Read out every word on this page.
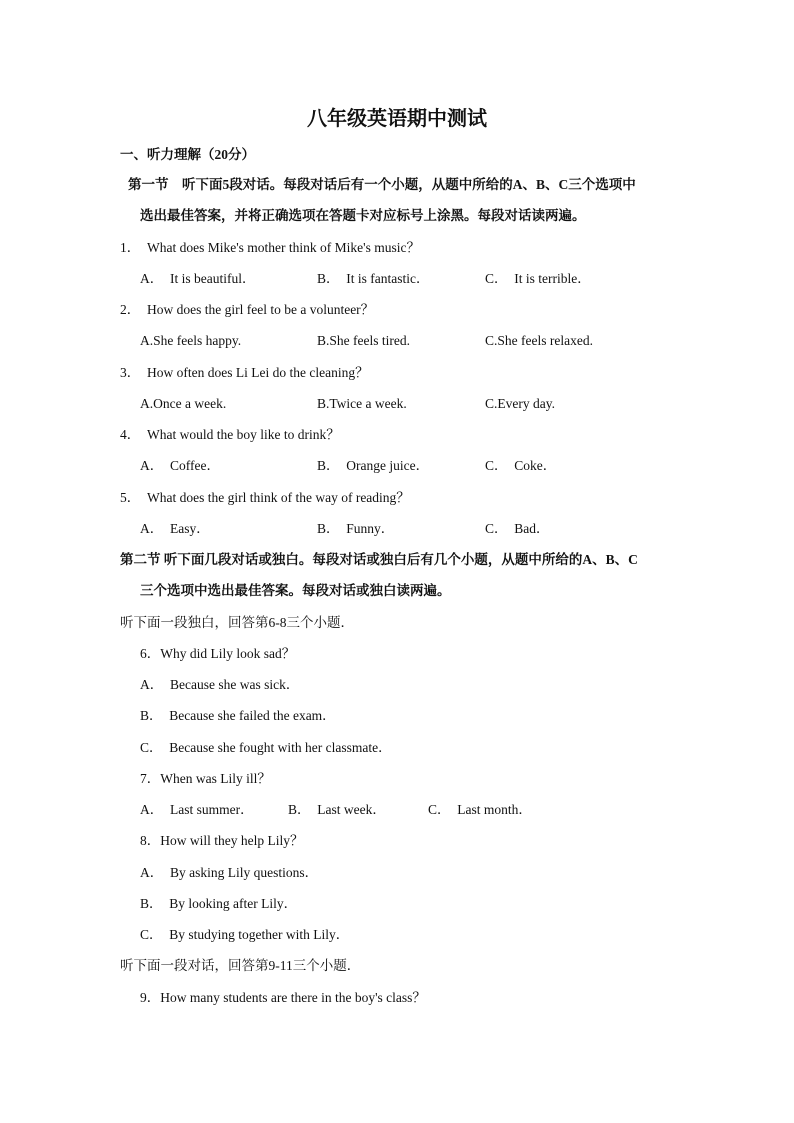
八年级英语期中测试
一、听力理解（20分）
第一节　听下面5段对话。每段对话后有一个小题，从题中所给的A、B、C三个选项中
选出最佳答案，并将正确选项在答题卡对应标号上涂黑。每段对话读两遍。
1． What does Mike's mother think of Mike's music？
A．　It is beautiful．	B．　It is fantastic．	C．　It is terrible．
2． How does the girl feel to be a volunteer？
A.She feels happy.	B.She feels tired.	C.She feels relaxed.
3． How often does Li Lei do the cleaning？
A.Once a week.	B.Twice a week.	C.Every day.
4． What would the boy like to drink？
A．　Coffee．	B．　Orange juice．	C．　Coke．
5． What does the girl think of the way of reading？
A．　Easy．	B．　Funny．	C．　Bad．
第二节 听下面几段对话或独白。每段对话或独白后有几个小题，从题中所给的A、B、C
三个选项中选出最佳答案。每段对话或独白读两遍。
听下面一段独白，回答第6-8三个小题．
6．Why did Lily look sad？
A．　Because she was sick．
B．　Because she failed the exam．
C．　Because she fought with her classmate．
7．When was Lily ill？
A．　Last summer．	B．　Last week．	C．　Last month．
8．How will they help Lily？
A．　By asking Lily questions．
B．　By looking after Lily．
C．　By studying together with Lily．
听下面一段对话，回答第9-11三个小题．
9．How many students are there in the boy's class？
